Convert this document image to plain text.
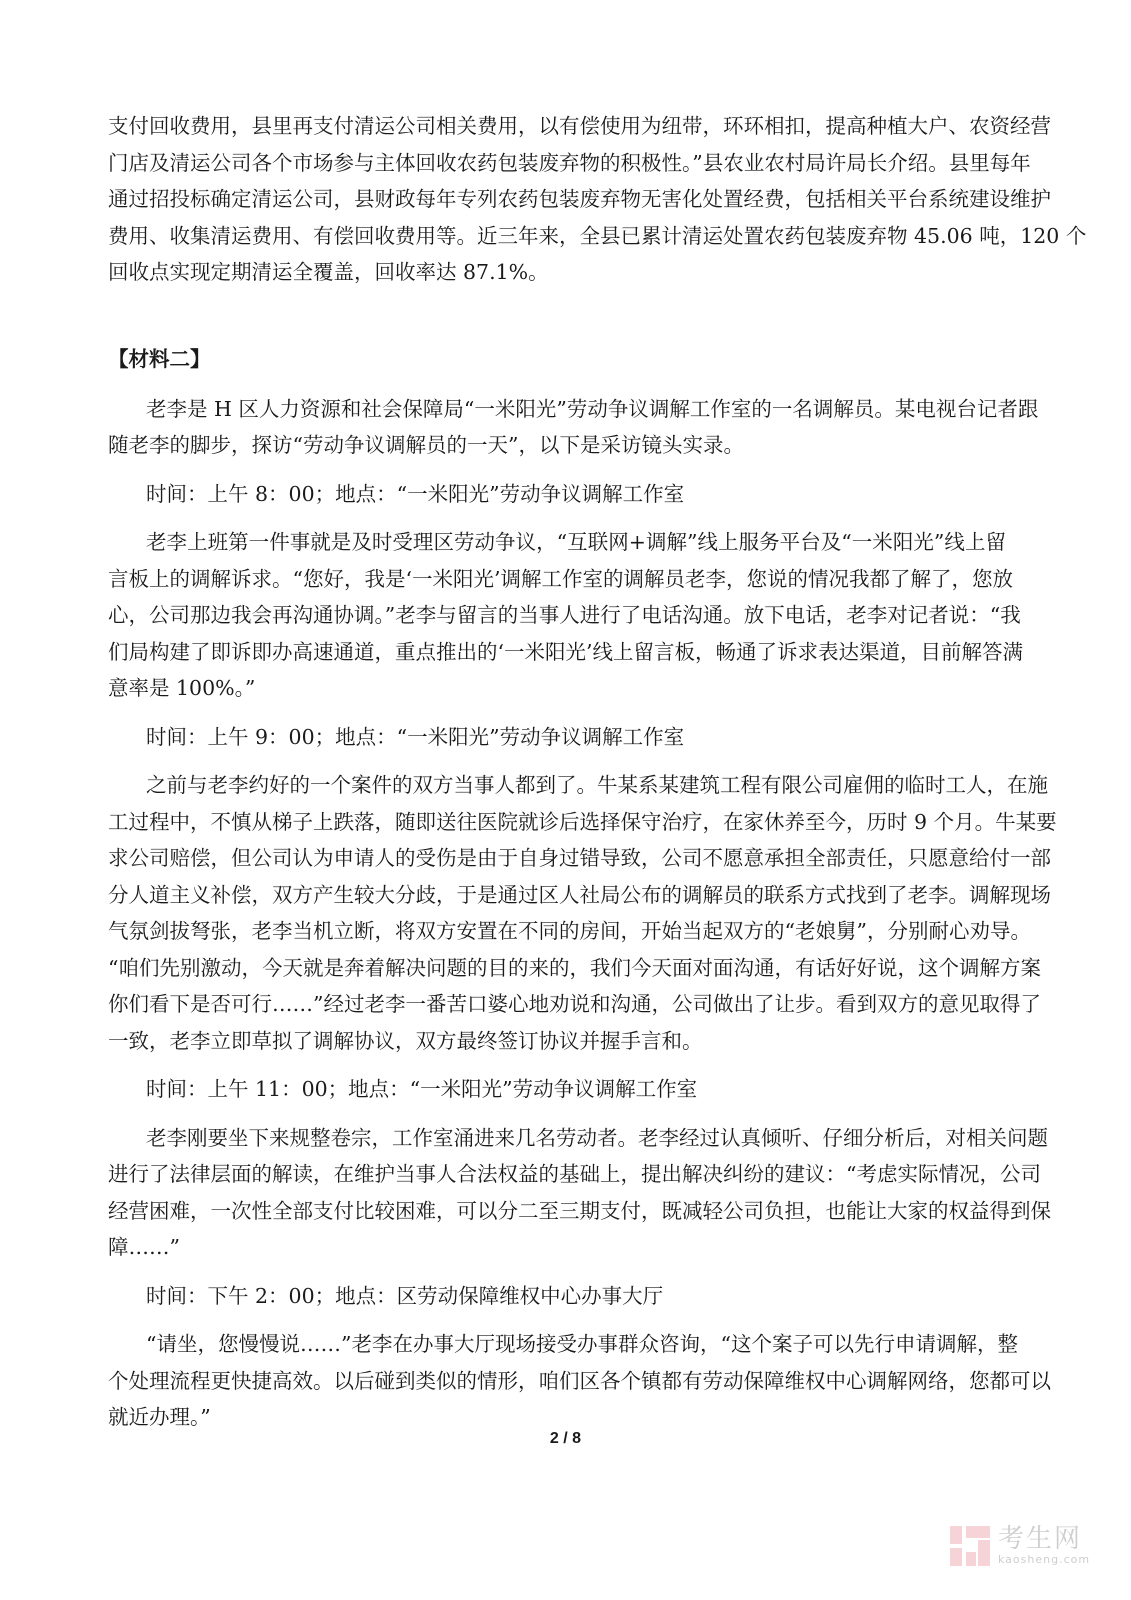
支付回收费用，县里再支付清运公司相关费用，以有偿使用为纽带，环环相扣，提高种植大户、农资经营
门店及清运公司各个市场参与主体回收农药包装废弃物的积极性。”县农业农村局许局长介绍。县里每年
通过招投标确定清运公司，县财政每年专列农药包装废弃物无害化处置经费，包括相关平台系统建设维护
费用、收集清运费用、有偿回收费用等。近三年来，全县已累计清运处置农药包装废弃物 45.06 吨，120 个
回收点实现定期清运全覆盖，回收率达 87.1%。
【材料二】
老李是 H 区人力资源和社会保障局“一米阳光”劳动争议调解工作室的一名调解员。某电视台记者跟
随老李的脚步，探访“劳动争议调解员的一天”，以下是采访镜头实录。
时间：上午 8：00；地点：“一米阳光”劳动争议调解工作室
老李上班第一件事就是及时受理区劳动争议，“互联网+调解”线上服务平台及“一米阳光”线上留
言板上的调解诉求。“您好，我是‘一米阳光’调解工作室的调解员老李，您说的情况我都了解了，您放
心，公司那边我会再沟通协调。”老李与留言的当事人进行了电话沟通。放下电话，老李对记者说：“我
们局构建了即诉即办高速通道，重点推出的‘一米阳光’线上留言板，畅通了诉求表达渠道，目前解答满
意率是 100%。”
时间：上午 9：00；地点：“一米阳光”劳动争议调解工作室
之前与老李约好的一个案件的双方当事人都到了。牛某系某建筑工程有限公司雇佣的临时工人，在施
工过程中，不慎从梯子上跌落，随即送往医院就诊后选择保守治疗，在家休养至今，历时 9 个月。牛某要
求公司赔偿，但公司认为申请人的受伤是由于自身过错导致，公司不愿意承担全部责任，只愿意给付一部
分人道主义补偿，双方产生较大分歧，于是通过区人社局公布的调解员的联系方式找到了老李。调解现场
气氛剑拔弩张，老李当机立断，将双方安置在不同的房间，开始当起双方的“老娘舅”，分别耐心劝导。
“咱们先别激动，今天就是奔着解决问题的目的来的，我们今天面对面沟通，有话好好说，这个调解方案
你们看下是否可行……”经过老李一番苦口婆心地劝说和沟通，公司做出了让步。看到双方的意见取得了
一致，老李立即草拟了调解协议，双方最终签订协议并握手言和。
时间：上午 11：00；地点：“一米阳光”劳动争议调解工作室
老李刚要坐下来规整卷宗，工作室涌进来几名劳动者。老李经过认真倾听、仔细分析后，对相关问题
进行了法律层面的解读，在维护当事人合法权益的基础上，提出解决纠纷的建议：“考虑实际情况，公司
经营困难，一次性全部支付比较困难，可以分二至三期支付，既减轻公司负担，也能让大家的权益得到保
障……”
时间：下午 2：00；地点：区劳动保障维权中心办事大厅
“请坐，您慢慢说……”老李在办事大厅现场接受办事群众咨询，“这个案子可以先行申请调解，整
个处理流程更快捷高效。以后碰到类似的情形，咱们区各个镇都有劳动保障维权中心调解网络，您都可以
就近办理。”
2 / 8
考生网
kaosheng.com
